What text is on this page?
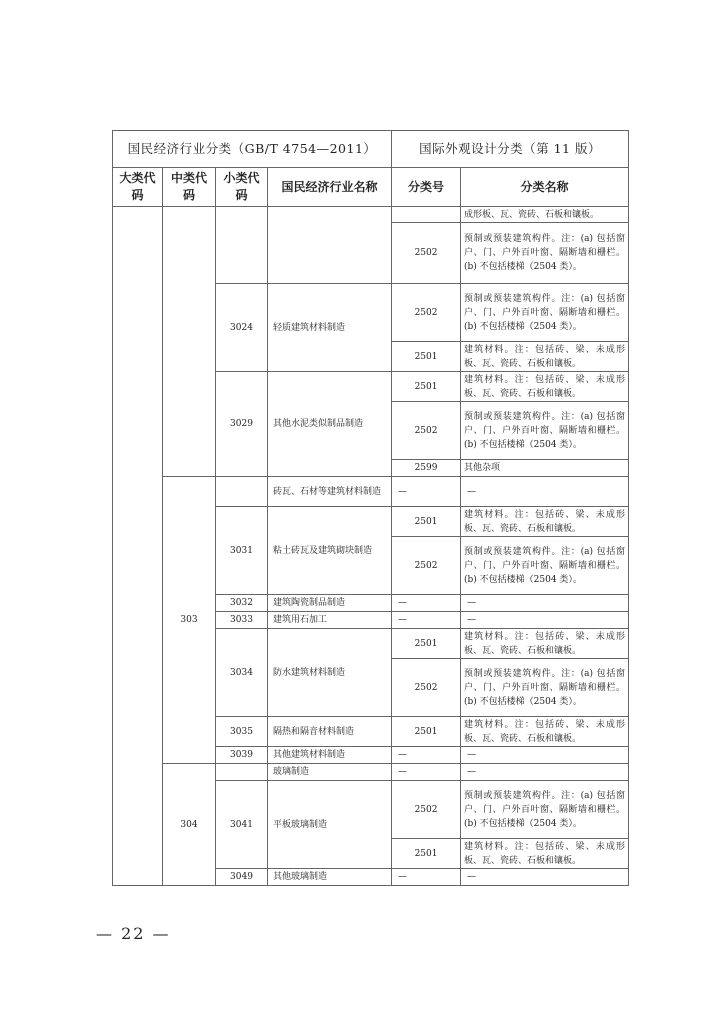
国民经济行业分类（GB/T 4754—2011）				国际外观设计分类（第 11 版）	
大类代码	中类代码	小类代码	国民经济行业名称	分类号	分类名称
					成形板、瓦、瓷砖、石板和镶板。
				2502	预制或预装建筑构件。注：(a) 包括窗户、门、户外百叶窗、隔断墙和栅栏。(b) 不包括楼梯（2504 类）。
		3024	轻质建筑材料制造	2502	预制或预装建筑构件。注：(a) 包括窗户、门、户外百叶窗、隔断墙和栅栏。(b) 不包括楼梯（2504 类）。
				2501	建筑材料。注：包括砖、梁、未成形板、瓦、瓷砖、石板和镶板。
		3029	其他水泥类似制品制造	2501	建筑材料。注：包括砖、梁、未成形板、瓦、瓷砖、石板和镶板。
				2502	预制或预装建筑构件。注：(a) 包括窗户、门、户外百叶窗、隔断墙和栅栏。(b) 不包括楼梯（2504 类）。
				2599	其他杂项
	303		砖瓦、石材等建筑材料制造	—	—
		3031	粘土砖瓦及建筑砌块制造	2501	建筑材料。注：包括砖、梁、未成形板、瓦、瓷砖、石板和镶板。
				2502	预制或预装建筑构件。注：(a) 包括窗户、门、户外百叶窗、隔断墙和栅栏。(b) 不包括楼梯（2504 类）。
		3032	建筑陶瓷制品制造	—	—
		3033	建筑用石加工	—	—
		3034	防水建筑材料制造	2501	建筑材料。注：包括砖、梁、未成形板、瓦、瓷砖、石板和镶板。
				2502	预制或预装建筑构件。注：(a) 包括窗户、门、户外百叶窗、隔断墙和栅栏。(b) 不包括楼梯（2504 类）。
		3035	隔热和隔音材料制造	2501	建筑材料。注：包括砖、梁、未成形板、瓦、瓷砖、石板和镶板。
		3039	其他建筑材料制造	—	—
	304		玻璃制造	—	—
		3041	平板玻璃制造	2502	预制或预装建筑构件。注：(a) 包括窗户、门、户外百叶窗、隔断墙和栅栏。(b) 不包括楼梯（2504 类）。
				2501	建筑材料。注：包括砖、梁、未成形板、瓦、瓷砖、石板和镶板。
		3049	其他玻璃制造	—	—
— 22 —
